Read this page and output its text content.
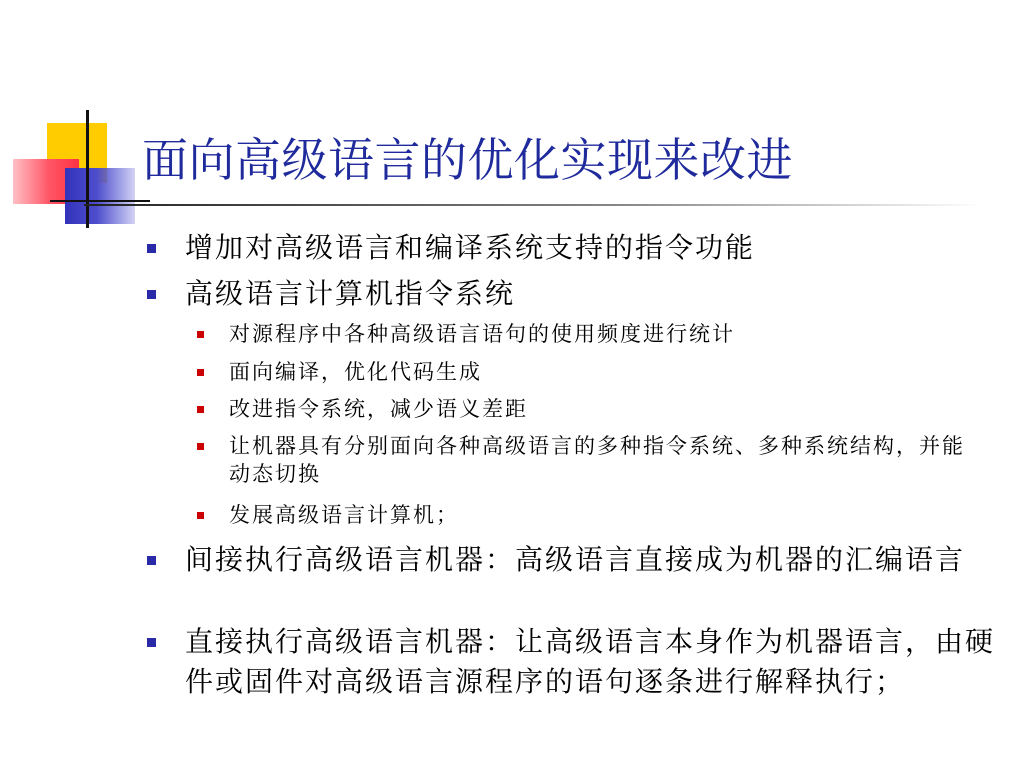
面向高级语言的优化实现来改进
增加对高级语言和编译系统支持的指令功能
高级语言计算机指令系统
对源程序中各种高级语言语句的使用频度进行统计
面向编译，优化代码生成
改进指令系统，减少语义差距
让机器具有分别面向各种高级语言的多种指令系统、多种系统结构，并能动态切换
发展高级语言计算机；
间接执行高级语言机器：高级语言直接成为机器的汇编语言
直接执行高级语言机器：让高级语言本身作为机器语言，由硬件或固件对高级语言源程序的语句逐条进行解释执行；
